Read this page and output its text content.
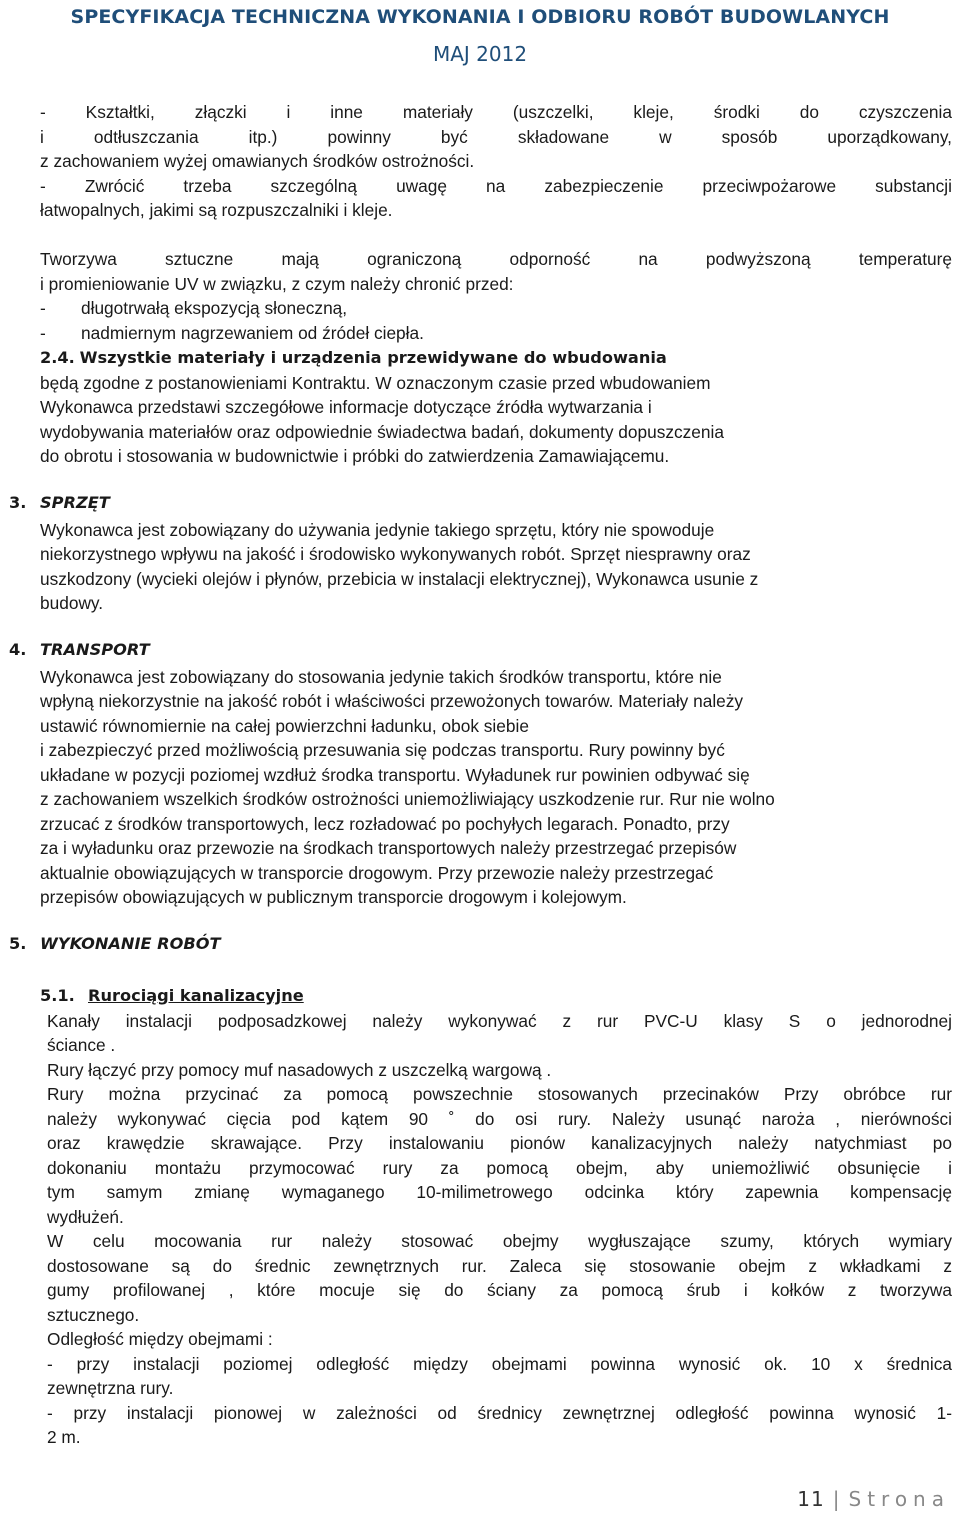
SPECYFIKACJA TECHNICZNA WYKONANIA I ODBIORU ROBÓT BUDOWLANYCH
MAJ 2012
- Kształtki, złączki i inne materiały (uszczelki, kleje, środki do czyszczenia
i odtłuszczania itp.) powinny być składowane w sposób uporządkowany,
z zachowaniem wyżej omawianych środków ostrożności.
- Zwrócić trzeba szczególną uwagę na zabezpieczenie przeciwpożarowe substancji
łatwopalnych, jakimi są rozpuszczalniki i kleje.
Tworzywa sztuczne mają ograniczoną odporność na podwyższoną temperaturę
i promieniowanie UV w związku, z czym należy chronić przed:
- długotrwałą ekspozycją słoneczną,
- nadmiernym nagrzewaniem od źródeł ciepła.
2.4. Wszystkie materiały i urządzenia przewidywane do wbudowania
będą zgodne z postanowieniami Kontraktu. W oznaczonym czasie przed wbudowaniem
Wykonawca przedstawi szczegółowe informacje dotyczące źródła wytwarzania i
wydobywania materiałów oraz odpowiednie świadectwa badań, dokumenty dopuszczenia
do obrotu i stosowania w budownictwie i próbki do zatwierdzenia Zamawiającemu.
3. SPRZĘT
Wykonawca jest zobowiązany do używania jedynie takiego sprzętu, który nie spowoduje
niekorzystnego wpływu na jakość i środowisko wykonywanych robót. Sprzęt niesprawny oraz
uszkodzony (wycieki olejów i płynów, przebicia w instalacji elektrycznej), Wykonawca usunie z
budowy.
4. TRANSPORT
Wykonawca jest zobowiązany do stosowania jedynie takich środków transportu, które nie
wpłyną niekorzystnie na jakość robót i właściwości przewożonych towarów. Materiały należy
ustawić równomiernie na całej powierzchni ładunku, obok siebie
i zabezpieczyć przed możliwością przesuwania się podczas transportu. Rury powinny być
układane w pozycji poziomej wzdłuż środka transportu. Wyładunek rur powinien odbywać się
z zachowaniem wszelkich środków ostrożności uniemożliwiający uszkodzenie rur. Rur nie wolno
zrzucać z środków transportowych, lecz rozładować po pochyłych legarach. Ponadto, przy
za i wyładunku oraz przewozie na środkach transportowych należy przestrzegać przepisów
aktualnie obowiązujących w transporcie drogowym. Przy przewozie należy przestrzegać
przepisów obowiązujących w publicznym transporcie drogowym i kolejowym.
5. WYKONANIE ROBÓT
5.1. Rurociągi kanalizacyjne
Kanały instalacji podposadzkowej należy wykonywać z rur PVC-U klasy S o jednorodnej
ściance .
Rury łączyć przy pomocy muf nasadowych z uszczelką wargową .
Rury można przycinać za pomocą powszechnie stosowanych przecinaków Przy obróbce rur
należy wykonywać cięcia pod kątem 90 ˚ do osi rury. Należy usunąć naroża , nierówności
oraz krawędzie skrawające. Przy instalowaniu pionów kanalizacyjnych należy natychmiast po
dokonaniu montażu przymocować rury za pomocą obejm, aby uniemożliwić obsunięcie i
tym samym zmianę wymaganego 10-milimetrowego odcinka który zapewnia kompensację
wydłużeń.
W celu mocowania rur należy stosować obejmy wygłuszające szumy, których wymiary
dostosowane są do średnic zewnętrznych rur. Zaleca się stosowanie obejm z wkładkami z
gumy profilowanej , które mocuje się do ściany za pomocą śrub i kołków z tworzywa
sztucznego.
Odległość między obejmami :
- przy instalacji poziomej odległość między obejmami powinna wynosić ok. 10 x średnica
zewnętrzna rury.
- przy instalacji pionowej w zależności od średnicy zewnętrznej odległość powinna wynosić 1-
2 m.
11 | Strona
